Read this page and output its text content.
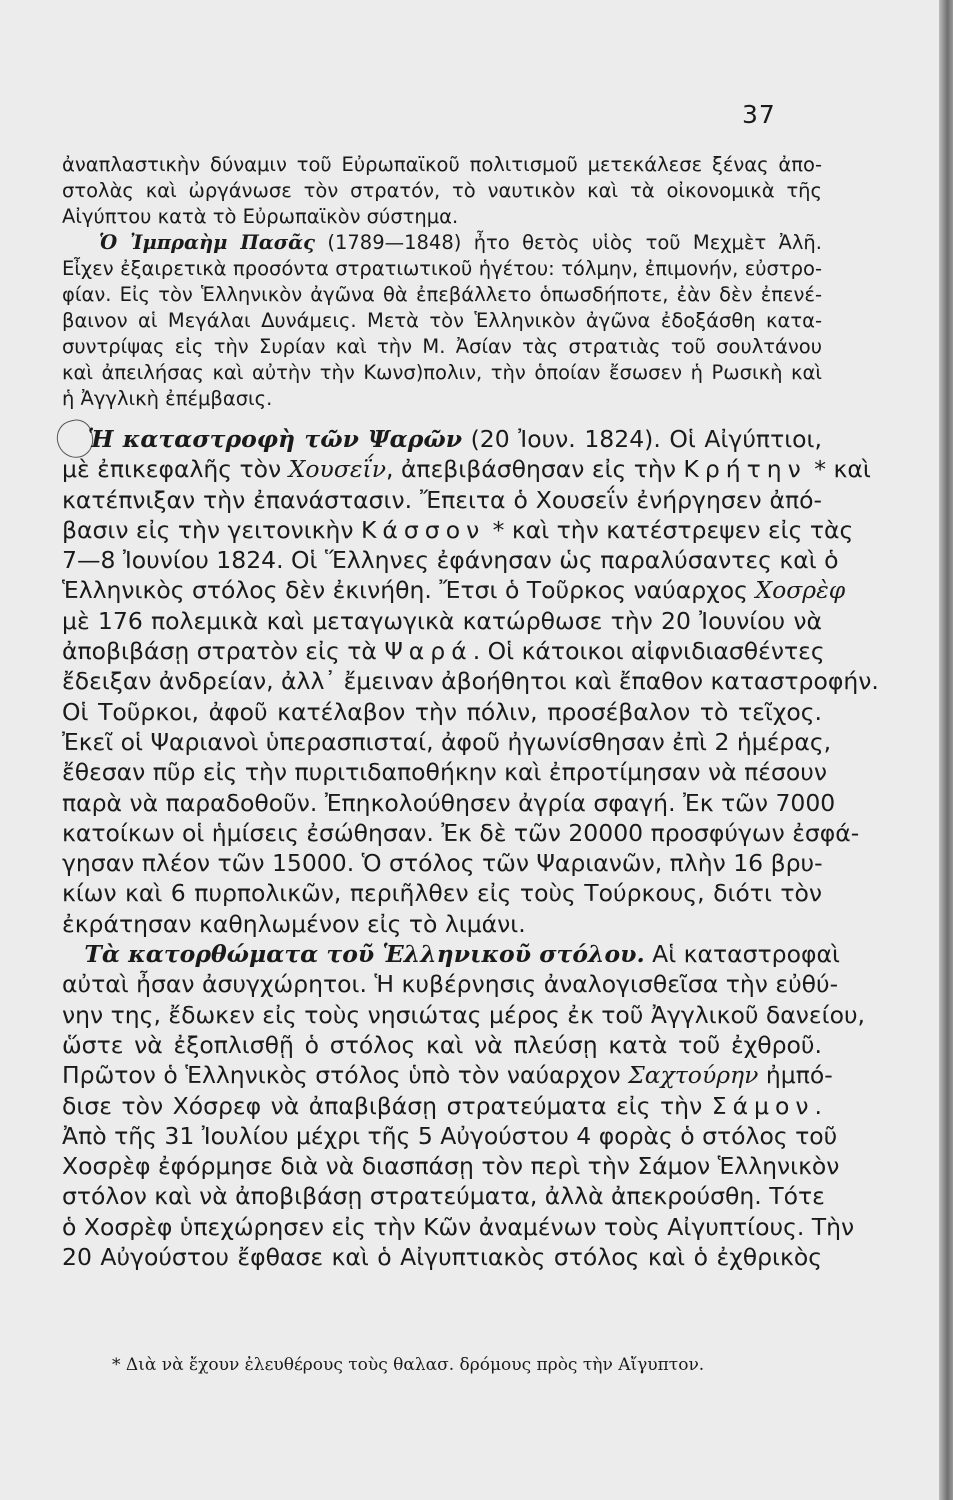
37
ἀναπλαστικὴν δύναμιν τοῦ Εὐρωπαϊκοῦ πολιτισμοῦ μετεκάλεσε ξένας ἀπο-
στολὰς καὶ ὠργάνωσε τὸν στρατόν, τὸ ναυτικὸν καὶ τὰ οἰκονομικὰ τῆς
Αἰγύπτου κατὰ τὸ Εὐρωπαϊκὸν σύστημα.
Ὁ Ἰμπραὴμ Πασᾶς (1789—1848) ἦτο θετὸς υἱὸς τοῦ Μεχμὲτ Ἀλῆ.
Εἶχεν ἐξαιρετικὰ προσόντα στρατιωτικοῦ ἡγέτου: τόλμην, ἐπιμονήν, εὐστρο-
φίαν. Εἰς τὸν Ἑλληνικὸν ἀγῶνα θὰ ἐπεβάλλετο ὁπωσδήποτε, ἐὰν δὲν ἐπενέ-
βαινον αἱ Μεγάλαι Δυνάμεις. Μετὰ τὸν Ἑλληνικὸν ἀγῶνα ἐδοξάσθη κατα-
συντρίψας εἰς τὴν Συρίαν καὶ τὴν Μ. Ἀσίαν τὰς στρατιὰς τοῦ σουλτάνου
καὶ ἀπειλήσας καὶ αὐτὴν τὴν Κωνσ)πολιν, τὴν ὁποίαν ἔσωσεν ἡ Ρωσικὴ καὶ
ἡ Ἀγγλικὴ ἐπέμβασις.
Ἡ καταστροφὴ τῶν Ψαρῶν (20 Ἰουν. 1824). Οἱ Αἰγύπτιοι,
μὲ ἐπικεφαλῆς τὸν Χουσεΐν, ἀπεβιβάσθησαν εἰς τὴν Κρήτην * καὶ
κατέπνιξαν τὴν ἐπανάστασιν. Ἔπειτα ὁ Χουσεΐν ἐνήργησεν ἀπό-
βασιν εἰς τὴν γειτονικὴν Κάσσον * καὶ τὴν κατέστρεψεν εἰς τὰς
7—8 Ἰουνίου 1824. Οἱ Ἕλληνες ἐφάνησαν ὡς παραλύσαντες καὶ ὁ
Ἑλληνικὸς στόλος δὲν ἐκινήθη. Ἔτσι ὁ Τοῦρκος ναύαρχος Χοσρὲφ
μὲ 176 πολεμικὰ καὶ μεταγωγικὰ κατώρθωσε τὴν 20 Ἰουνίου νὰ
ἀποβιβάσῃ στρατὸν εἰς τὰ Ψαρά. Οἱ κάτοικοι αἰφνιδιασθέντες
ἔδειξαν ἀνδρείαν, ἀλλ᾽ ἔμειναν ἀβοήθητοι καὶ ἔπαθον καταστροφήν.
Οἱ Τοῦρκοι, ἀφοῦ κατέλαβον τὴν πόλιν, προσέβαλον τὸ τεῖχος.
Ἐκεῖ οἱ Ψαριανοὶ ὑπερασπισταί, ἀφοῦ ἠγωνίσθησαν ἐπὶ 2 ἡμέρας,
ἔθεσαν πῦρ εἰς τὴν πυριτιδαποθήκην καὶ ἐπροτίμησαν νὰ πέσουν
παρὰ νὰ παραδοθοῦν. Ἐπηκολούθησεν ἀγρία σφαγή. Ἐκ τῶν 7000
κατοίκων οἱ ἡμίσεις ἐσώθησαν. Ἐκ δὲ τῶν 20000 προσφύγων ἐσφά-
γησαν πλέον τῶν 15000. Ὁ στόλος τῶν Ψαριανῶν, πλὴν 16 βρυ-
κίων καὶ 6 πυρπολικῶν, περιῆλθεν εἰς τοὺς Τούρκους, διότι τὸν
ἐκράτησαν καθηλωμένον εἰς τὸ λιμάνι.
Τὰ κατορθώματα τοῦ Ἑλληνικοῦ στόλου. Αἱ καταστροφαὶ
αὐταὶ ἦσαν ἀσυγχώρητοι. Ἡ κυβέρνησις ἀναλογισθεῖσα τὴν εὐθύ-
νην της, ἔδωκεν εἰς τοὺς νησιώτας μέρος ἐκ τοῦ Ἀγγλικοῦ δανείου,
ὥστε νὰ ἐξοπλισθῇ ὁ στόλος καὶ νὰ πλεύσῃ κατὰ τοῦ ἐχθροῦ.
Πρῶτον ὁ Ἑλληνικὸς στόλος ὑπὸ τὸν ναύαρχον Σαχτούρην ἠμπό-
δισε τὸν Χόσρεφ νὰ ἀπαβιβάσῃ στρατεύματα εἰς τὴν Σάμον.
Ἀπὸ τῆς 31 Ἰουλίου μέχρι τῆς 5 Αὐγούστου 4 φορὰς ὁ στόλος τοῦ
Χοσρὲφ ἐφόρμησε διὰ νὰ διασπάσῃ τὸν περὶ τὴν Σάμον Ἑλληνικὸν
στόλον καὶ νὰ ἀποβιβάσῃ στρατεύματα, ἀλλὰ ἀπεκρούσθη. Τότε
ὁ Χοσρὲφ ὑπεχώρησεν εἰς τὴν Κῶν ἀναμένων τοὺς Αἰγυπτίους. Τὴν
20 Αὐγούστου ἔφθασε καὶ ὁ Αἰγυπτιακὸς στόλος καὶ ὁ ἐχθρικὸς
* Διὰ νὰ ἔχουν ἐλευθέρους τοὺς θαλασ. δρόμους πρὸς τὴν Αἴγυπτον.
